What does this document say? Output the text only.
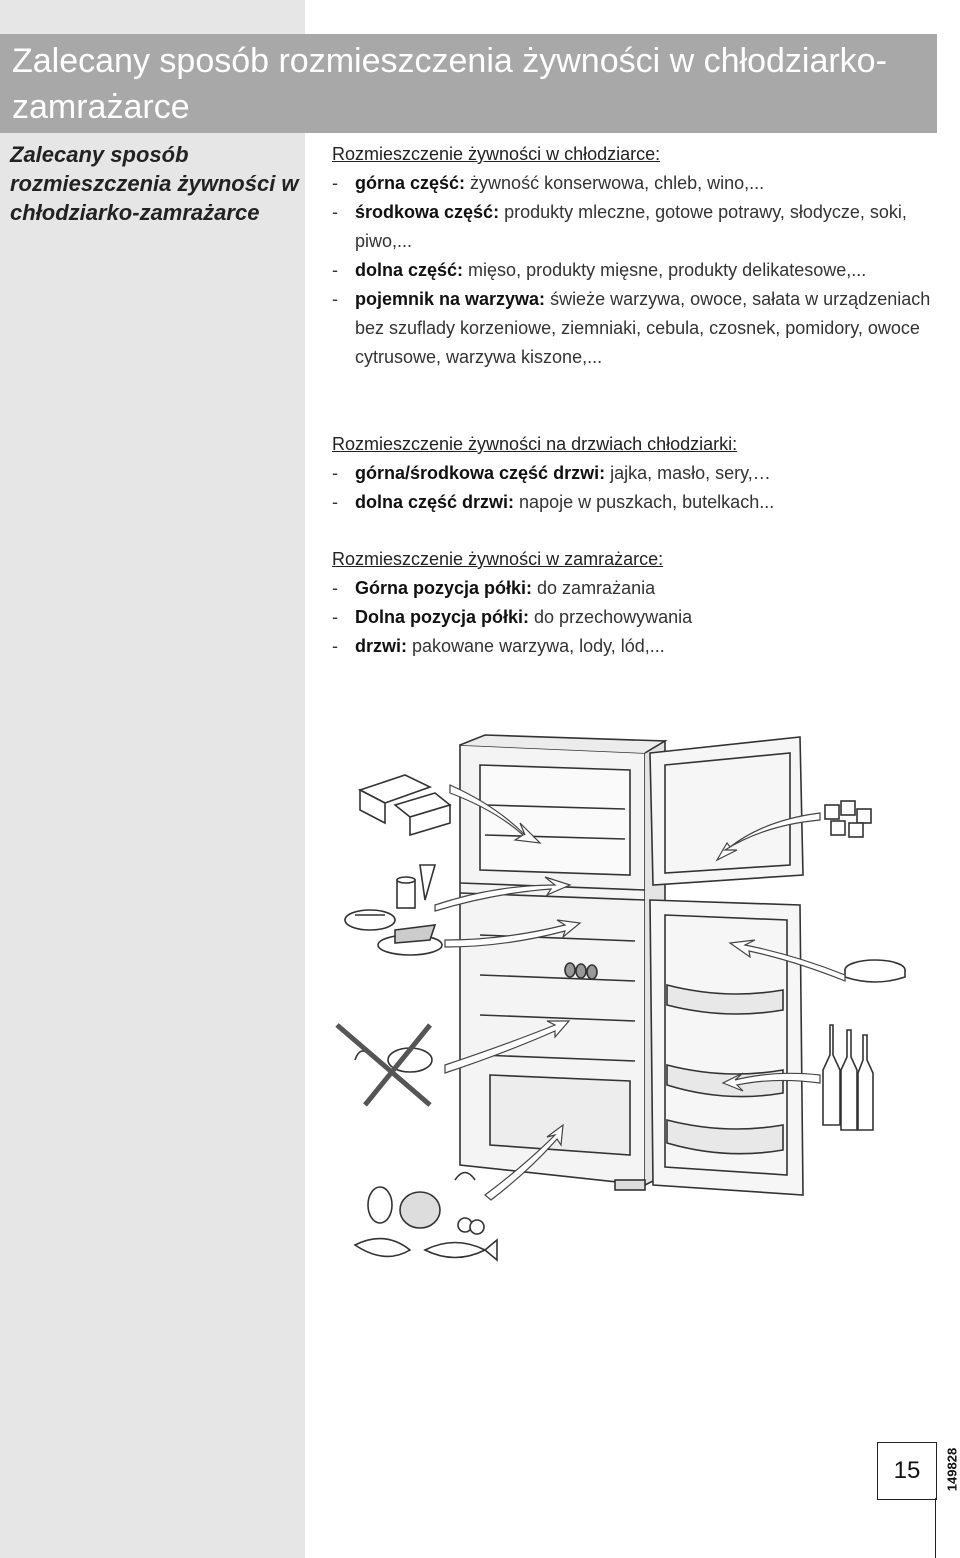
Zalecany sposób rozmieszczenia żywności w chłodziarko-zamrażarce
Zalecany sposób rozmieszczenia żywności w chłodziarko-zamrażarce

Rozmieszczenie żywności w chłodziarce:

- górna część: żywność konserwowa, chleb, wino,...

- środkowa część: produkty mleczne, gotowe potrawy, słodycze, soki, piwo,...

- dolna część: mięso, produkty mięsne, produkty delikatesowe,...

- pojemnik na warzywa: świeże warzywa, owoce, sałata w urządzeniach bez szuflady korzeniowe, ziemniaki, cebula, czosnek, pomidory, owoce cytrusowe, warzywa kiszone,...

Rozmieszczenie żywności na drzwiach chłodziarki:

- górna/środkowa część drzwi: jajka, masło, sery,…

- dolna część drzwi: napoje w puszkach, butelkach...

Rozmieszczenie żywności w zamrażarce:

- Górna pozycja półki: do zamrażania

- Dolna pozycja półki: do przechowywania

- drzwi: pakowane warzywa, lody, lód,...

15	149828
